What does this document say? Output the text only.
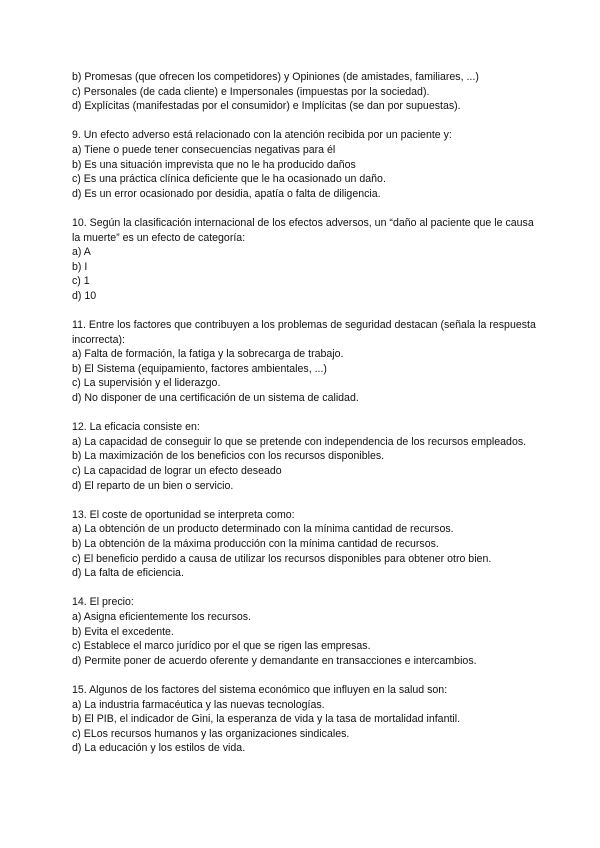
b) Promesas (que ofrecen los competidores) y Opiniones (de amistades, familiares, ...)
c) Personales (de cada cliente) e Impersonales (impuestas por la sociedad).
d) Explícitas (manifestadas por el consumidor) e Implícitas (se dan por supuestas).
9. Un efecto adverso está relacionado con la atención recibida por un paciente y:
a) Tiene o puede tener consecuencias negativas para él
b) Es una situación imprevista que no le ha producido daños
c) Es una práctica clínica deficiente que le ha ocasionado un daño.
d) Es un error ocasionado por desidia, apatía o falta de diligencia.
10. Según la clasificación internacional de los efectos adversos, un “daño al paciente que le causa la muerte” es un efecto de categoría:
a) A
b) I
c) 1
d) 10
11. Entre los factores que contribuyen a los problemas de seguridad destacan (señala la respuesta incorrecta):
a) Falta de formación, la fatiga y la sobrecarga de trabajo.
b) El Sistema (equipamiento, factores ambientales, ...)
c) La supervisión y el liderazgo.
d) No disponer de una certificación de un sistema de calidad.
12. La eficacia consiste en:
a) La capacidad de conseguir lo que se pretende con independencia de los recursos empleados.
b) La maximización de los beneficios con los recursos disponibles.
c) La capacidad de lograr un efecto deseado
d) El reparto de un bien o servicio.
13. El coste de oportunidad se interpreta como:
a) La obtención de un producto determinado con la mínima cantidad de recursos.
b) La obtención de la máxima producción con la mínima cantidad de recursos.
c) El beneficio perdido a causa de utilizar los recursos disponibles para obtener otro bien.
d) La falta de eficiencia.
14. El precio:
a) Asigna eficientemente los recursos.
b) Evita el excedente.
c) Establece el marco jurídico por el que se rigen las empresas.
d) Permite poner de acuerdo oferente y demandante en transacciones e intercambios.
15. Algunos de los factores del sistema económico que influyen en la salud son:
a) La industria farmacéutica y las nuevas tecnologías.
b) El PIB, el indicador de Gini, la esperanza de vida y la tasa de mortalidad infantil.
c) ELos recursos humanos y las organizaciones sindicales.
d) La educación y los estilos de vida.
